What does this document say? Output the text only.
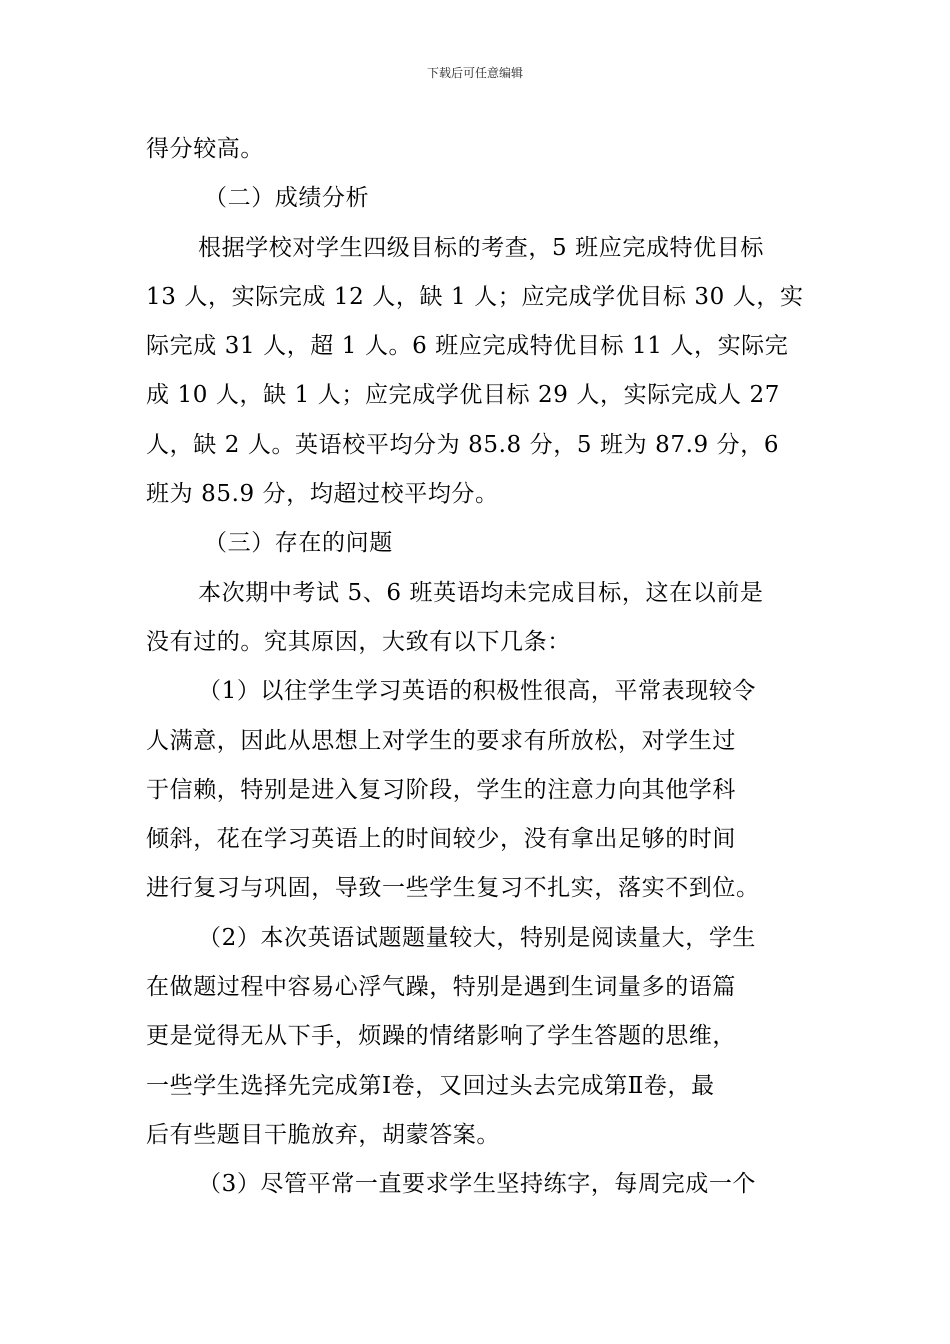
下载后可任意编辑
得分较高。
（二）成绩分析
根据学校对学生四级目标的考查，5 班应完成特优目标
13 人，实际完成 12 人，缺 1 人；应完成学优目标 30 人，实
际完成 31 人，超 1 人。6 班应完成特优目标 11 人，实际完
成 10 人，缺 1 人；应完成学优目标 29 人，实际完成人 27
人，缺 2 人。英语校平均分为 85.8 分，5 班为 87.9 分，6
班为 85.9 分，均超过校平均分。
（三）存在的问题
本次期中考试 5、6 班英语均未完成目标，这在以前是
没有过的。究其原因，大致有以下几条：
（1）以往学生学习英语的积极性很高，平常表现较令
人满意，因此从思想上对学生的要求有所放松，对学生过
于信赖，特别是进入复习阶段，学生的注意力向其他学科
倾斜，花在学习英语上的时间较少，没有拿出足够的时间
进行复习与巩固，导致一些学生复习不扎实，落实不到位。
（2）本次英语试题题量较大，特别是阅读量大，学生
在做题过程中容易心浮气躁，特别是遇到生词量多的语篇
更是觉得无从下手，烦躁的情绪影响了学生答题的思维，
一些学生选择先完成第Ⅰ卷，又回过头去完成第Ⅱ卷，最
后有些题目干脆放弃，胡蒙答案。
（3）尽管平常一直要求学生坚持练字，每周完成一个
